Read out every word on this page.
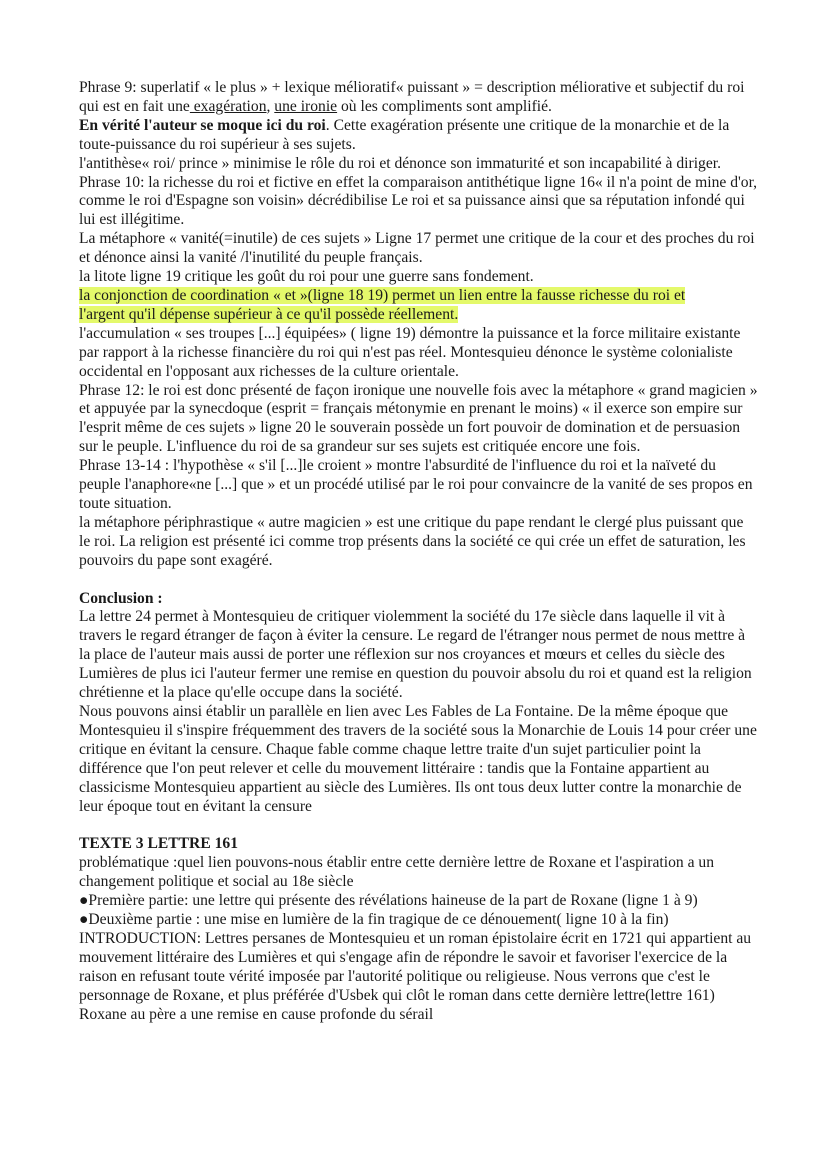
Phrase 9: superlatif « le plus » + lexique mélioratif« puissant » = description méliorative et subjectif du roi qui est en fait une exagération, une ironie où les compliments sont amplifié.

En vérité l'auteur se moque ici du roi. Cette exagération présente une critique de la monarchie et de la toute-puissance du roi supérieur à ses sujets.

l'antithèse« roi/ prince » minimise le rôle du roi et dénonce son immaturité et son incapabilité à diriger.

Phrase 10: la richesse du roi et fictive en effet la comparaison antithétique ligne 16« il n'a point de mine d'or, comme le roi d'Espagne son voisin» décrédibilise Le roi et sa puissance ainsi que sa réputation infondé qui lui est illégitime.

La métaphore « vanité(=inutile) de ces sujets » Ligne 17 permet une critique de la cour et des proches du roi et dénonce ainsi la vanité /l'inutilité du peuple français.

la litote ligne 19 critique les goût du roi pour une guerre sans fondement.

la conjonction de coordination « et »(ligne 18 19) permet un lien entre la fausse richesse du roi et
l'argent qu'il dépense supérieur à ce qu'il possède réellement.

l'accumulation « ses troupes [...] équipées» ( ligne 19) démontre la puissance et la force militaire existante par rapport à la richesse financière du roi qui n'est pas réel. Montesquieu dénonce le système colonialiste occidental en l'opposant aux richesses de la culture orientale.

Phrase 12: le roi est donc présenté de façon ironique une nouvelle fois avec la métaphore « grand magicien » et appuyée par la synecdoque (esprit = français métonymie en prenant le moins) « il exerce son empire sur l'esprit même de ces sujets » ligne 20 le souverain possède un fort pouvoir de domination et de persuasion sur le peuple. L'influence du roi de sa grandeur sur ses sujets est critiquée encore une fois.

Phrase 13-14 : l'hypothèse « s'il [...]le croient » montre l'absurdité de l'influence du roi et la naïveté du peuple l'anaphore«ne [...] que » et un procédé utilisé par le roi pour convaincre de la vanité de ses propos en toute situation.

la métaphore périphrastique « autre magicien » est une critique du pape rendant le clergé plus puissant que le roi. La religion est présenté ici comme trop présents dans la société ce qui crée un effet de saturation, les pouvoirs du pape sont exagéré.

Conclusion :

La lettre 24 permet à Montesquieu de critiquer violemment la société du 17e siècle dans laquelle il vit à travers le regard étranger de façon à éviter la censure. Le regard de l'étranger nous permet de nous mettre à la place de l'auteur mais aussi de porter une réflexion sur nos croyances et mœurs et celles du siècle des Lumières de plus ici l'auteur fermer une remise en question du pouvoir absolu du roi et quand est la religion chrétienne et la place qu'elle occupe dans la société.

Nous pouvons ainsi établir un parallèle en lien avec Les Fables de La Fontaine. De la même époque que Montesquieu il s'inspire fréquemment des travers de la société sous la Monarchie de Louis 14 pour créer une critique en évitant la censure. Chaque fable comme chaque lettre traite d'un sujet particulier point la différence que l'on peut relever et celle du mouvement littéraire : tandis que la Fontaine appartient au classicisme Montesquieu appartient au siècle des Lumières. Ils ont tous deux lutter contre la monarchie de leur époque tout en évitant la censure

TEXTE 3 LETTRE 161

problématique :quel lien pouvons-nous établir entre cette dernière lettre de Roxane et l'aspiration a un changement politique et social au 18e siècle

●Première partie: une lettre qui présente des révélations haineuse de la part de Roxane (ligne 1 à 9)

●Deuxième partie : une mise en lumière de la fin tragique de ce dénouement( ligne 10 à la fin)

INTRODUCTION: Lettres persanes de Montesquieu et un roman épistolaire écrit en 1721 qui appartient au mouvement littéraire des Lumières et qui s'engage afin de répondre le savoir et favoriser l'exercice de la raison en refusant toute vérité imposée par l'autorité politique ou religieuse. Nous verrons que c'est le personnage de Roxane, et plus préférée d'Usbek qui clôt le roman dans cette dernière lettre(lettre 161) Roxane au père a une remise en cause profonde du sérail
